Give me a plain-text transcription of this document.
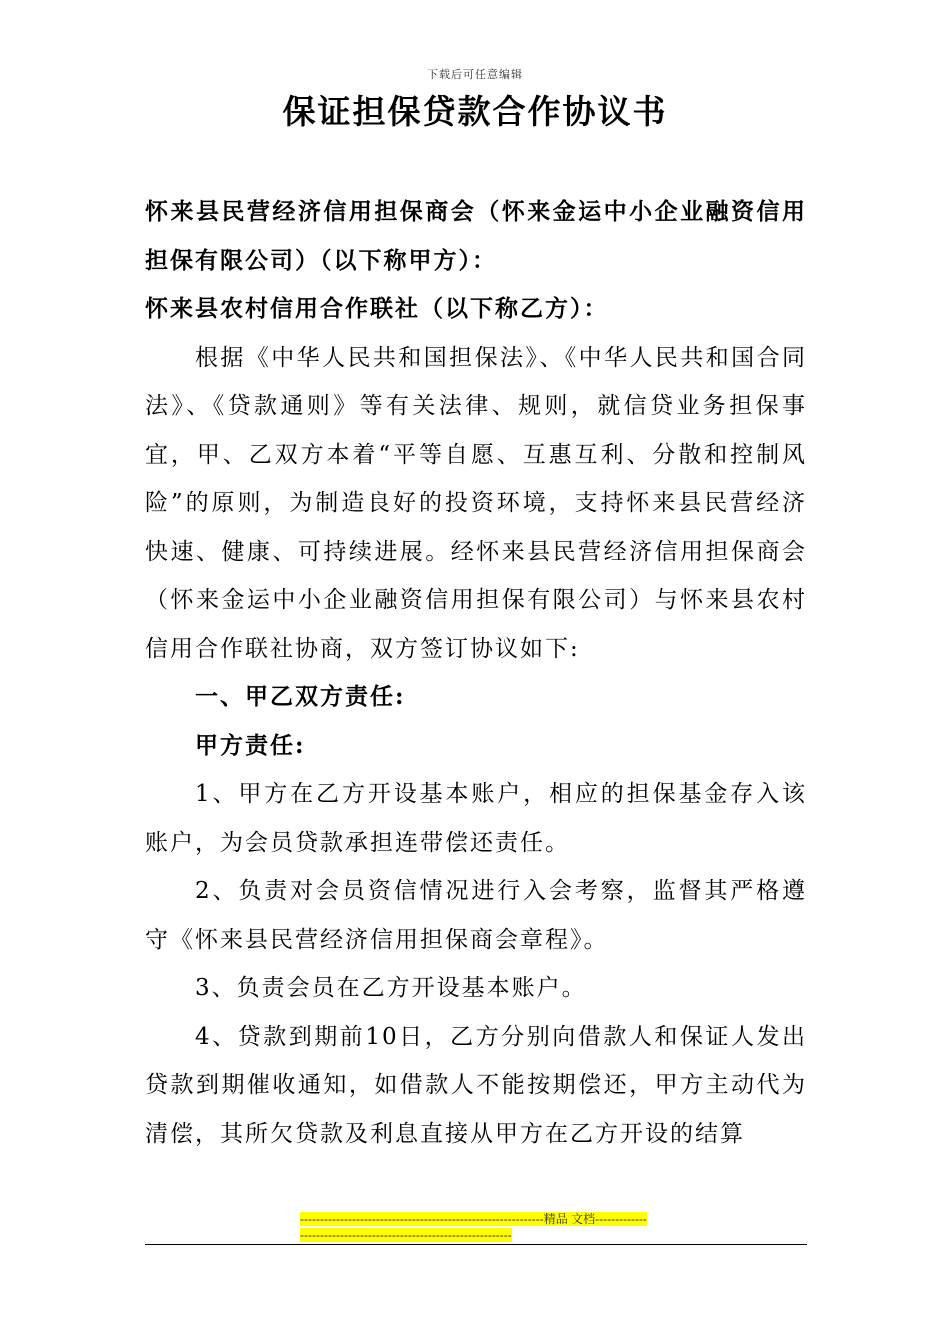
下载后可任意编辑
保证担保贷款合作协议书

怀来县民营经济信用担保商会（怀来金运中小企业融资信用担保有限公司）（以下称甲方）：

怀来县农村信用合作联社（以下称乙方）：

根据《中华人民共和国担保法》、《中华人民共和国合同法》、《贷款通则》等有关法律、规则，就信贷业务担保事宜，甲、乙双方本着“平等自愿、互惠互利、分散和控制风险”的原则，为制造良好的投资环境，支持怀来县民营经济快速、健康、可持续进展。经怀来县民营经济信用担保商会（怀来金运中小企业融资信用担保有限公司）与怀来县农村信用合作联社协商，双方签订协议如下:

一、甲乙双方责任:

甲方责任:

1、甲方在乙方开设基本账户，相应的担保基金存入该账户，为会员贷款承担连带偿还责任。

2、负责对会员资信情况进行入会考察，监督其严格遵守《怀来县民营经济信用担保商会章程》。

3、负责会员在乙方开设基本账户。

4、贷款到期前10日，乙方分别向借款人和保证人发出贷款到期催收通知，如借款人不能按期偿还，甲方主动代为清偿，其所欠贷款及利息直接从甲方在乙方开设的结算

-------------------------------------------------------------精品 文档------------------------------------------------------------------
